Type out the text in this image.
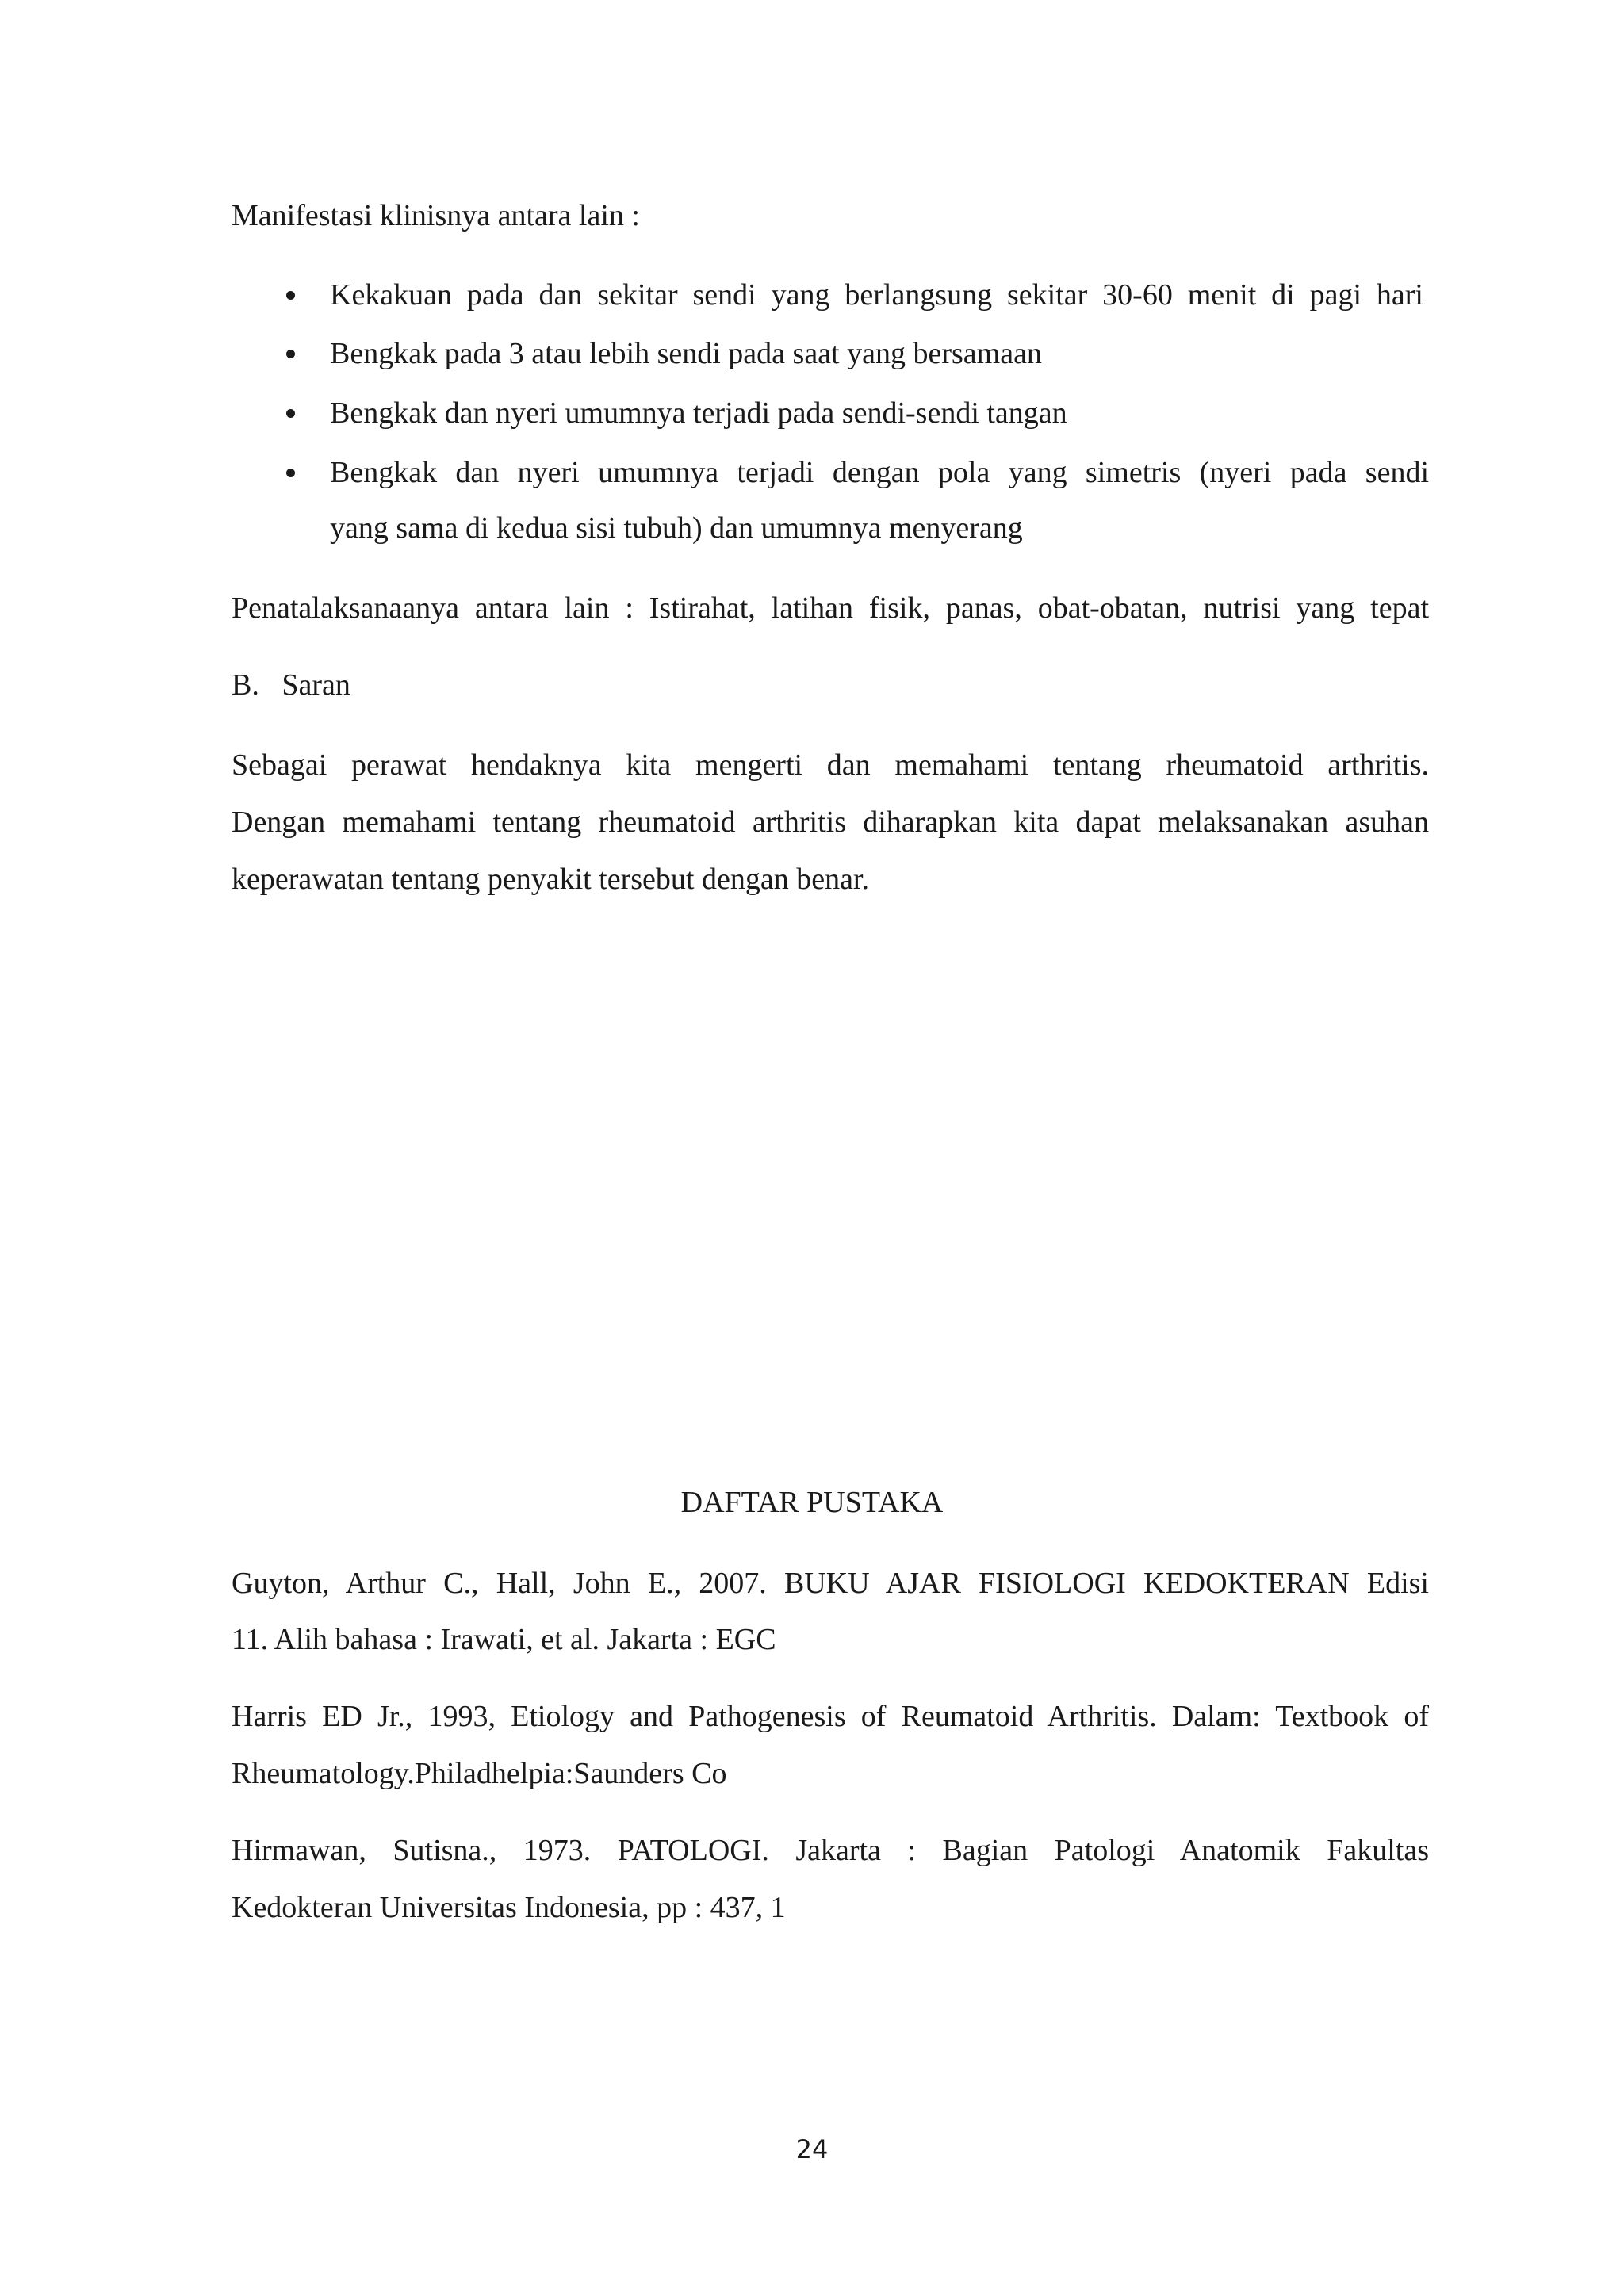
Manifestasi klinisnya antara lain :
Kekakuan pada dan sekitar sendi yang berlangsung sekitar 30-60 menit di pagi hari
Bengkak pada 3 atau lebih sendi pada saat yang bersamaan
Bengkak dan nyeri umumnya terjadi pada sendi-sendi tangan
Bengkak dan nyeri umumnya terjadi dengan pola yang simetris (nyeri pada sendi
yang sama di kedua sisi tubuh) dan umumnya menyerang
Penatalaksanaanya antara lain : Istirahat, latihan fisik, panas, obat-obatan, nutrisi yang tepat
B.   Saran
Sebagai perawat hendaknya kita mengerti dan memahami tentang rheumatoid arthritis.
Dengan memahami tentang rheumatoid arthritis diharapkan kita dapat melaksanakan asuhan
keperawatan tentang penyakit tersebut dengan benar.
DAFTAR PUSTAKA
Guyton, Arthur C., Hall, John E., 2007. BUKU AJAR FISIOLOGI KEDOKTERAN Edisi
11. Alih bahasa : Irawati, et al. Jakarta : EGC
Harris ED Jr., 1993, Etiology and Pathogenesis of Reumatoid Arthritis. Dalam: Textbook of
Rheumatology.Philadhelpia:Saunders Co
Hirmawan, Sutisna., 1973. PATOLOGI. Jakarta : Bagian Patologi Anatomik Fakultas
Kedokteran Universitas Indonesia, pp : 437, 1
24
